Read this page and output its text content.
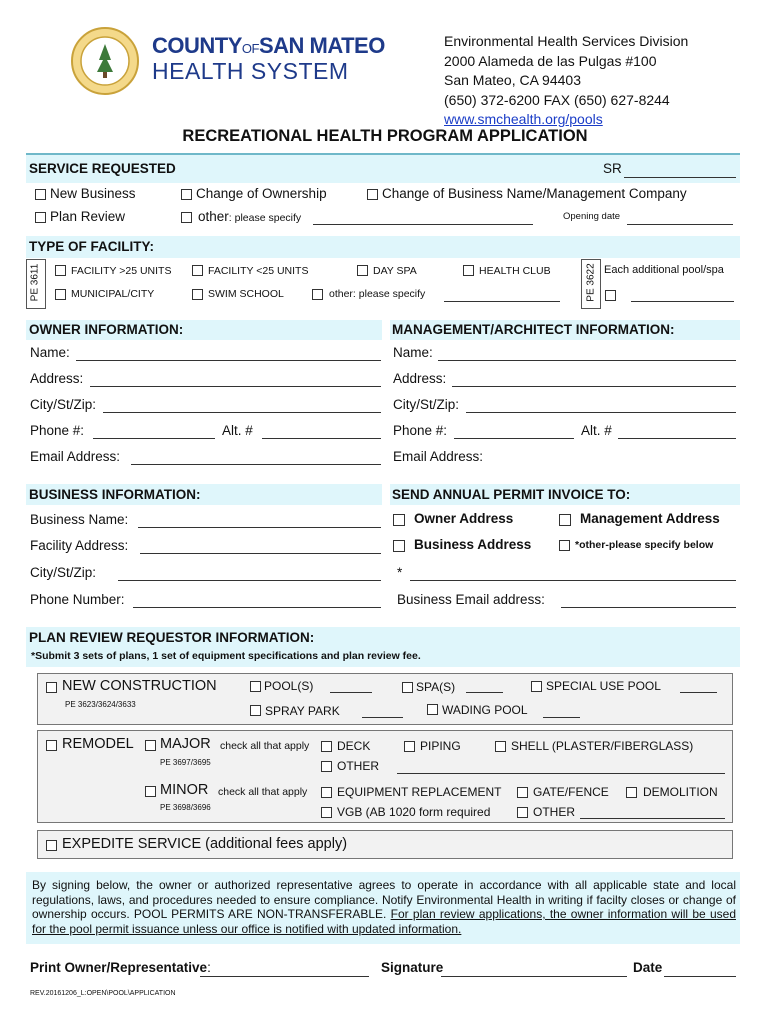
COUNTYOFSAN MATEO
HEALTH SYSTEM
Environmental Health Services Division
2000 Alameda de las Pulgas #100
San Mateo, CA 94403
(650) 372-6200 FAX (650) 627-8244
www.smchealth.org/pools
RECREATIONAL HEALTH PROGRAM APPLICATION
SERVICE REQUESTED	SR
New Business	Change of Ownership	Change of Business Name/Management Company
Plan Review	other: please specify	Opening date
TYPE OF FACILITY:
PE 3611	FACILITY >25 UNITS	FACILITY <25 UNITS	DAY SPA	HEALTH CLUB	PE 3622 Each additional pool/spa
MUNICIPAL/CITY	SWIM SCHOOL	other: please specify
OWNER INFORMATION:	MANAGEMENT/ARCHITECT INFORMATION:
Name:
Address:
City/St/Zip:
Phone #:	Alt. #
Email Address:
Name:
Address:
City/St/Zip:
Phone #:	Alt. #
Email Address:
BUSINESS INFORMATION:	SEND ANNUAL PERMIT INVOICE TO:
Business Name:
Facility Address:
City/St/Zip:
Phone Number:
Owner Address	Management Address
Business Address	*other-please specify below
*
Business Email address:
PLAN REVIEW REQUESTOR INFORMATION:
*Submit 3 sets of plans, 1 set of equipment specifications and plan review fee.
NEW CONSTRUCTION
PE 3623/3624/3633
POOL(S)	SPA(S)	SPECIAL USE POOL
SPRAY PARK	WADING POOL
REMODEL MAJOR check all that apply
PE 3697/3695
DECK	PIPING	SHELL (PLASTER/FIBERGLASS)
OTHER
MINOR check all that apply
PE 3698/3696
EQUIPMENT REPLACEMENT	GATE/FENCE	DEMOLITION
VGB (AB 1020 form required	OTHER
EXPEDITE SERVICE (additional fees apply)
By signing below, the owner or authorized representative agrees to operate in accordance with all applicable state and local regulations, laws, and procedures needed to ensure compliance. Notify Environmental Health in writing if facilty closes or change of ownership occurs. POOL PERMITS ARE NON-TRANSFERABLE. For plan review applications, the owner information will be used for the pool permit issuance unless our office is notified with updated information.
Print Owner/Representative:	Signature	Date
REV.20161206_L:OPEN\POOL\APPLICATION
